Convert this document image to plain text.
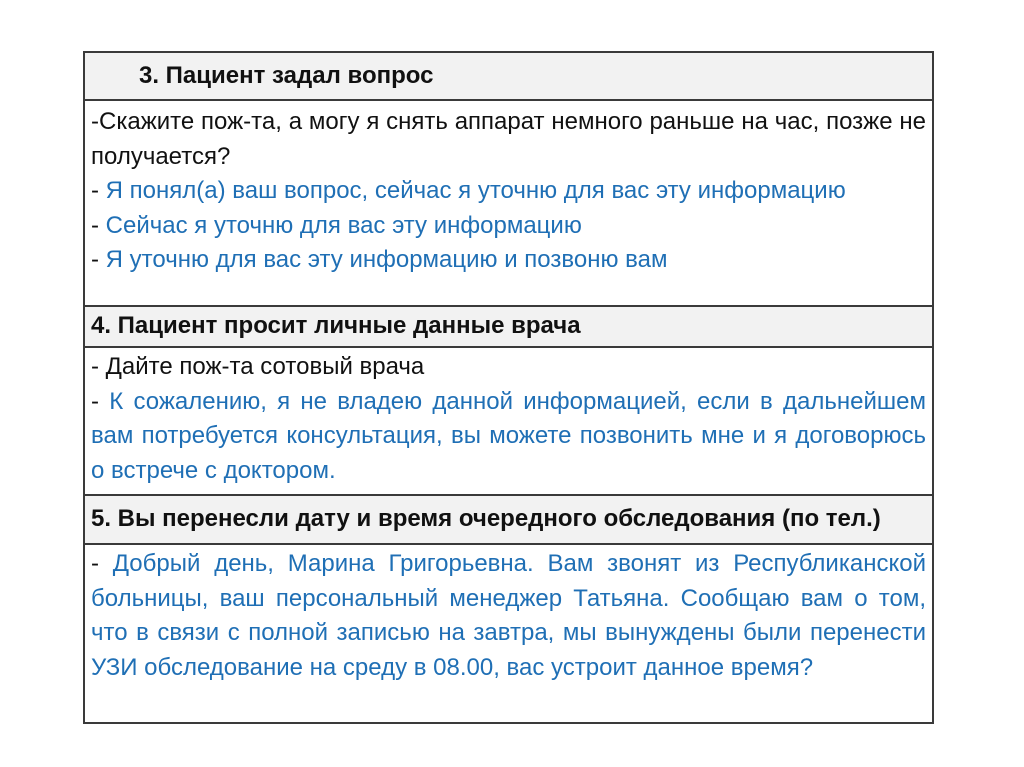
3. Пациент задал вопрос

-Скажите пож-та, а могу я снять аппарат немного раньше на час, позже не получается?
- Я понял(а) ваш вопрос, сейчас я уточню для вас эту информацию
- Сейчас я уточню для вас эту информацию
- Я уточню для вас эту информацию и позвоню вам

4. Пациент просит личные данные врача

- Дайте пож-та сотовый врача
- К сожалению, я не владею данной информацией, если в дальнейшем вам потребуется консультация, вы можете позвонить мне и я договорюсь о встрече с доктором.

5. Вы перенесли дату и время очередного обследования (по тел.)

- Добрый день, Марина Григорьевна. Вам звонят из Республиканской больницы, ваш персональный менеджер Татьяна. Сообщаю вам о том, что в связи с полной записью на завтра, мы вынуждены были перенести УЗИ обследование на среду в 08.00, вас устроит данное время?
